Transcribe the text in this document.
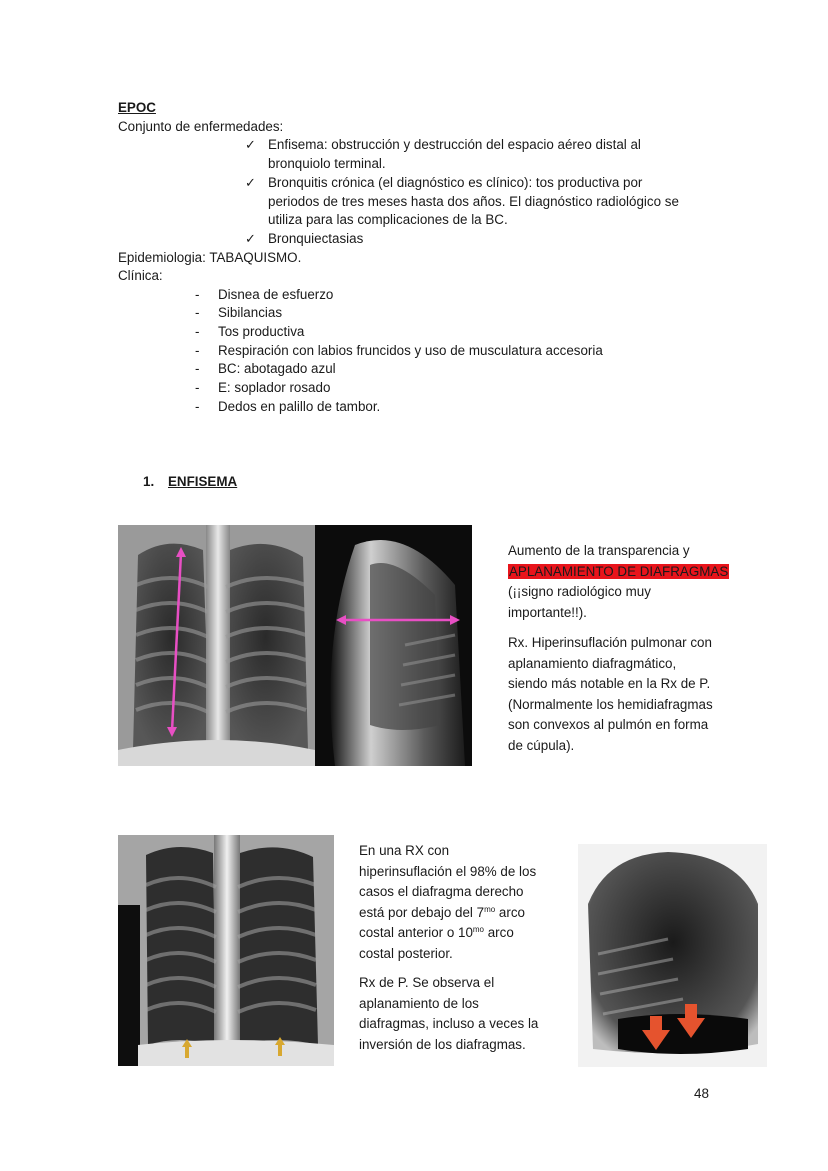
EPOC
Conjunto de enfermedades:
✓ Enfisema: obstrucción y destrucción del espacio aéreo distal al
bronquiolo terminal.
✓ Bronquitis crónica (el diagnóstico es clínico): tos productiva por
periodos de tres meses hasta dos años. El diagnóstico radiológico se
utiliza para las complicaciones de la BC.
✓ Bronquiectasias
Epidemiologia: TABAQUISMO.
Clínica:
- Disnea de esfuerzo
- Sibilancias
- Tos productiva
- Respiración con labios fruncidos y uso de musculatura accesoria
- BC: abotagado azul
- E: soplador rosado
- Dedos en palillo de tambor.
1. ENFISEMA
Aumento de la transparencia y
APLANAMIENTO DE DIAFRAGMAS
(¡¡signo radiológico muy
importante!!).
Rx. Hiperinsuflación pulmonar con
aplanamiento diafragmático,
siendo más notable en la Rx de P.
(Normalmente los hemidiafragmas
son convexos al pulmón en forma
de cúpula).
En una RX con
hiperinsuflación el 98% de los
casos el diafragma derecho
está por debajo del $7^{mo}$ arco
costal anterior o $10^{mo}$ arco
costal posterior.
Rx de P. Se observa el
aplanamiento de los
diafragmas, incluso a veces la
inversión de los diafragmas.
48
